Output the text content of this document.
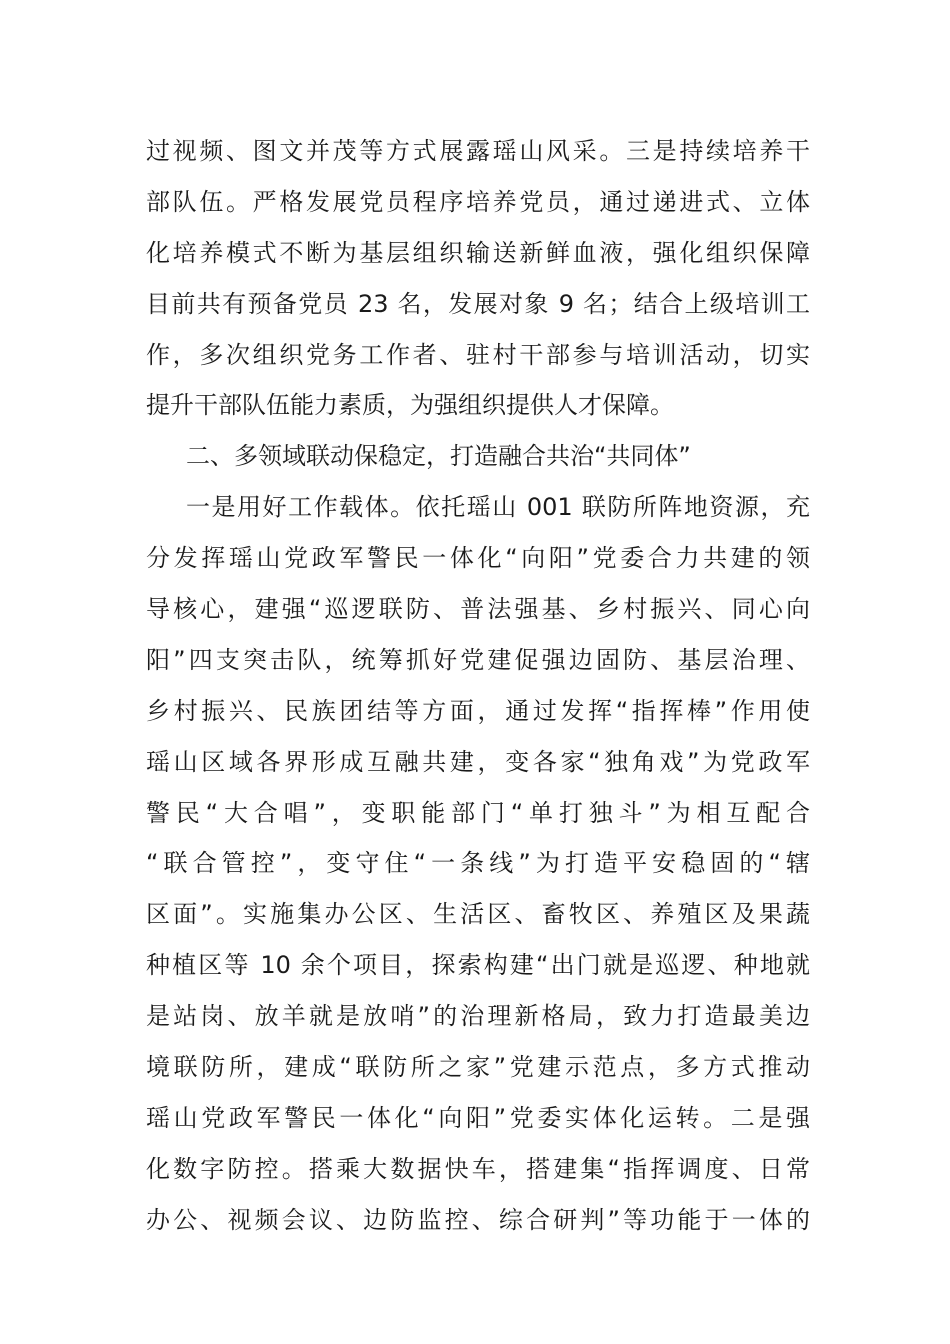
过视频、图文并茂等方式展露瑶山风采。三是持续培养干
部队伍。严格发展党员程序培养党员，通过递进式、立体
化培养模式不断为基层组织输送新鲜血液，强化组织保障
目前共有预备党员 23 名，发展对象 9 名；结合上级培训工
作，多次组织党务工作者、驻村干部参与培训活动，切实
提升干部队伍能力素质，为强组织提供人才保障。
二、多领域联动保稳定，打造融合共治“共同体”
一是用好工作载体。依托瑶山 001 联防所阵地资源，充
分发挥瑶山党政军警民一体化“向阳”党委合力共建的领
导核心，建强“巡逻联防、普法强基、乡村振兴、同心向
阳”四支突击队，统筹抓好党建促强边固防、基层治理、
乡村振兴、民族团结等方面，通过发挥“指挥棒”作用使
瑶山区域各界形成互融共建，变各家“独角戏”为党政军
警民“大合唱”，变职能部门“单打独斗”为相互配合
“联合管控”，变守住“一条线”为打造平安稳固的“辖
区面”。实施集办公区、生活区、畜牧区、养殖区及果蔬
种植区等 10 余个项目，探索构建“出门就是巡逻、种地就
是站岗、放羊就是放哨”的治理新格局，致力打造最美边
境联防所，建成“联防所之家”党建示范点，多方式推动
瑶山党政军警民一体化“向阳”党委实体化运转。二是强
化数字防控。搭乘大数据快车，搭建集“指挥调度、日常
办公、视频会议、边防监控、综合研判”等功能于一体的
